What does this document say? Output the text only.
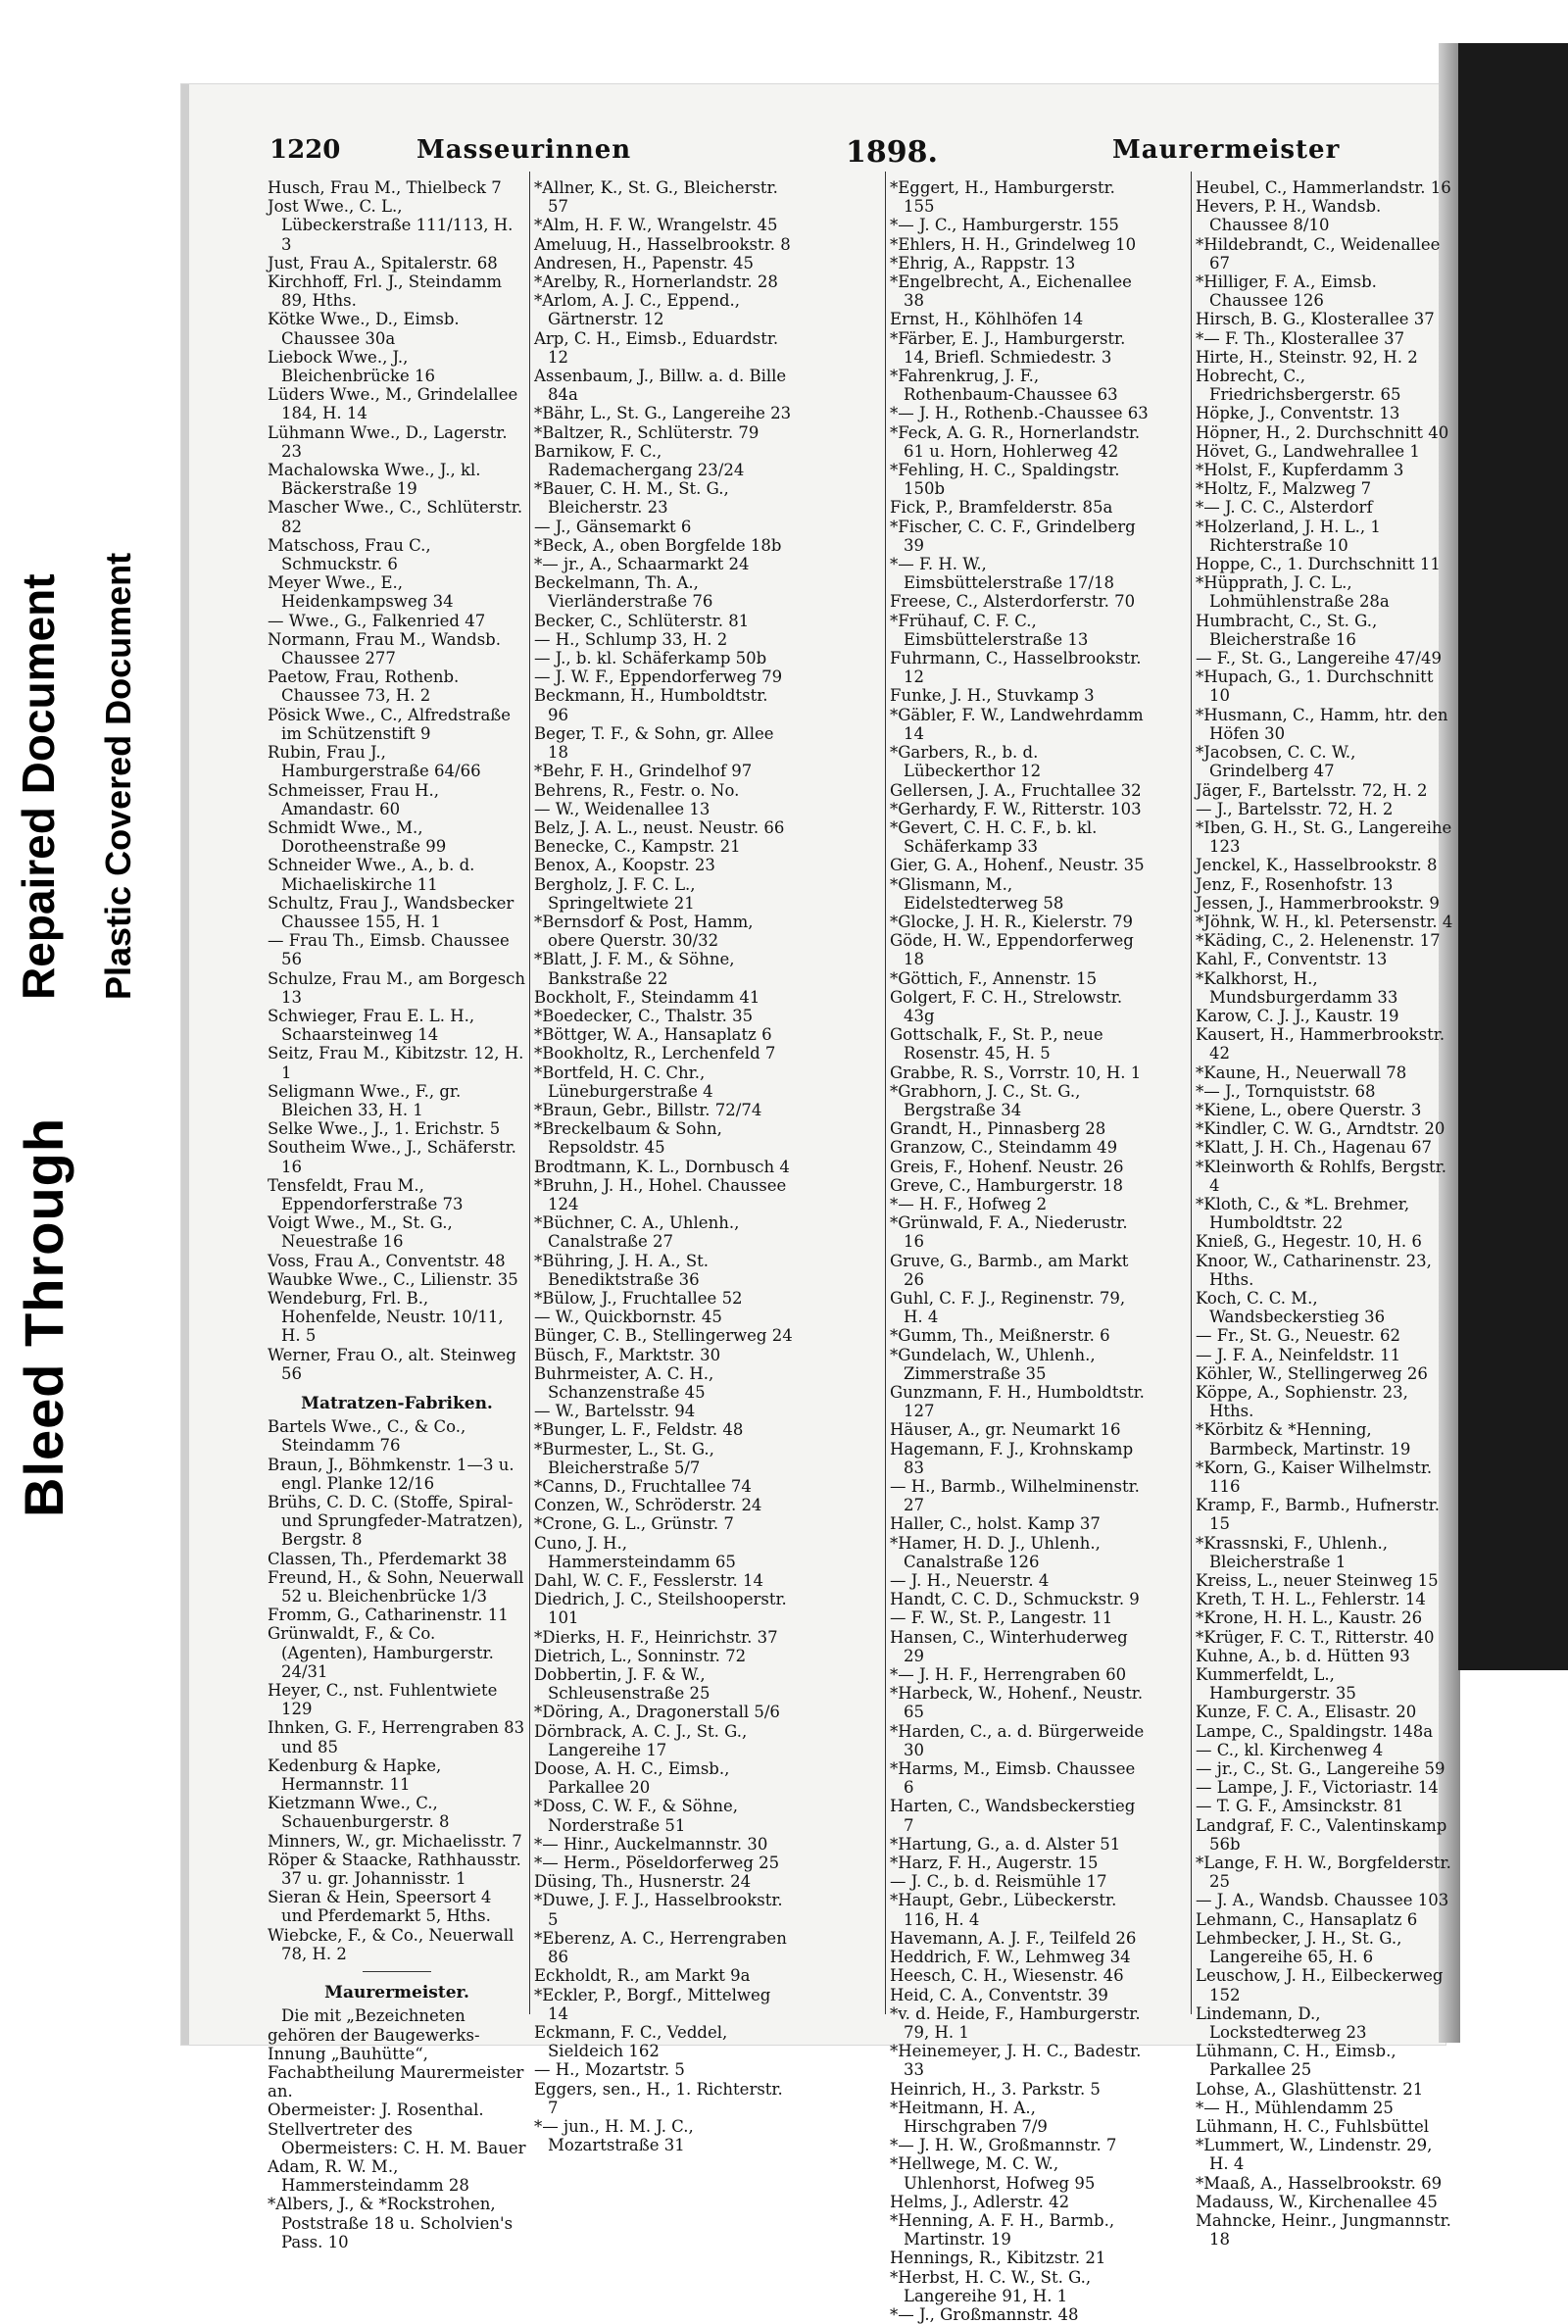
Bleed Through
Repaired Document Plastic Covered Document
1220	Masseurinnen	1898.	Maurermeister

Husch, Frau M., Thielbeck 7

Jost Wwe., C. L., Lübeckerstraße 111/113, H. 3

Just, Frau A., Spitalerstr. 68

Kirchhoff, Frl. J., Steindamm 89, Hths.

Kötke Wwe., D., Eimsb. Chaussee 30a

Liebock Wwe., J., Bleichenbrücke 16

Lüders Wwe., M., Grindelallee 184, H. 14

Lühmann Wwe., D., Lagerstr. 23

Machalowska Wwe., J., kl. Bäckerstraße 19

Mascher Wwe., C., Schlüterstr. 82

Matschoss, Frau C., Schmuckstr. 6

Meyer Wwe., E., Heidenkampsweg 34

— Wwe., G., Falkenried 47

Normann, Frau M., Wandsb. Chaussee 277

Paetow, Frau, Rothenb. Chaussee 73, H. 2

Pösick Wwe., C., Alfredstraße im Schützenstift 9

Rubin, Frau J., Hamburgerstraße 64/66

Schmeisser, Frau H., Amandastr. 60

Schmidt Wwe., M., Dorotheenstraße 99

Schneider Wwe., A., b. d. Michaeliskirche 11

Schultz, Frau J., Wandsbecker Chaussee 155, H. 1

— Frau Th., Eimsb. Chaussee 56

Schulze, Frau M., am Borgesch 13

Schwieger, Frau E. L. H., Schaarsteinweg 14

Seitz, Frau M., Kibitzstr. 12, H. 1

Seligmann Wwe., F., gr. Bleichen 33, H. 1

Selke Wwe., J., 1. Erichstr. 5

Southeim Wwe., J., Schäferstr. 16

Tensfeldt, Frau M., Eppendorferstraße 73

Voigt Wwe., M., St. G., Neuestraße 16

Voss, Frau A., Conventstr. 48

Waubke Wwe., C., Lilienstr. 35

Wendeburg, Frl. B., Hohenfelde, Neustr. 10/11, H. 5

Werner, Frau O., alt. Steinweg 56

Matratzen-Fabriken.

Bartels Wwe., C., & Co., Steindamm 76

Braun, J., Böhmkenstr. 1—3 u. engl. Planke 12/16

Brühs, C. D. C. (Stoffe, Spiral- und Sprungfeder-Matratzen), Bergstr. 8

Classen, Th., Pferdemarkt 38

Freund, H., & Sohn, Neuerwall 52 u. Bleichenbrücke 1/3

Fromm, G., Catharinenstr. 11

Grünwaldt, F., & Co. (Agenten), Hamburgerstr. 24/31

Heyer, C., nst. Fuhlentwiete 129

Ihnken, G. F., Herrengraben 83 und 85

Kedenburg & Hapke, Hermannstr. 11

Kietzmann Wwe., C., Schauenburgerstr. 8

Minners, W., gr. Michaelisstr. 7

Röper & Staacke, Rathhausstr. 37 u. gr. Johannisstr. 1

Sieran & Hein, Speersort 4 und Pferdemarkt 5, Hths.

Wiebcke, F., & Co., Neuerwall 78, H. 2

Maurermeister.

Die mit „Bezeichneten gehören der Baugewerks-Innung „Bauhütte“, Fachabtheilung Maurermeister an.

Obermeister: J. Rosenthal.

Stellvertreter des Obermeisters: C. H. M. Bauer

Adam, R. W. M., Hammersteindamm 28

*Albers, J., & *Rockstrohen, Poststraße 18 u. Scholvien's Pass. 10

*Allner, K., St. G., Bleicherstr. 57

*Alm, H. F. W., Wrangelstr. 45

Ameluug, H., Hasselbrookstr. 8

Andresen, H., Papenstr. 45

*Arelby, R., Hornerlandstr. 28

*Arlom, A. J. C., Eppend., Gärtnerstr. 12

Arp, C. H., Eimsb., Eduardstr. 12

Assenbaum, J., Billw. a. d. Bille 84a

*Bähr, L., St. G., Langereihe 23

*Baltzer, R., Schlüterstr. 79

Barnikow, F. C., Rademachergang 23/24

*Bauer, C. H. M., St. G., Bleicherstr. 23

— J., Gänsemarkt 6

*Beck, A., oben Borgfelde 18b

*— jr., A., Schaarmarkt 24

Beckelmann, Th. A., Vierländerstraße 76

Becker, C., Schlüterstr. 81

— H., Schlump 33, H. 2

— J., b. kl. Schäferkamp 50b

— J. W. F., Eppendorferweg 79

Beckmann, H., Humboldtstr. 96

Beger, T. F., & Sohn, gr. Allee 18

*Behr, F. H., Grindelhof 97

Behrens, R., Festr. o. No.

— W., Weidenallee 13

Belz, J. A. L., neust. Neustr. 66

Benecke, C., Kampstr. 21

Benox, A., Koopstr. 23

Bergholz, J. F. C. L., Springeltwiete 21

*Bernsdorf & Post, Hamm, obere Querstr. 30/32

*Blatt, J. F. M., & Söhne, Bankstraße 22

Bockholt, F., Steindamm 41

*Boedecker, C., Thalstr. 35

*Böttger, W. A., Hansaplatz 6

*Bookholtz, R., Lerchenfeld 7

*Bortfeld, H. C. Chr., Lüneburgerstraße 4

*Braun, Gebr., Billstr. 72/74

*Breckelbaum & Sohn, Repsoldstr. 45

Brodtmann, K. L., Dornbusch 4

*Bruhn, J. H., Hohel. Chaussee 124

*Büchner, C. A., Uhlenh., Canalstraße 27

*Bühring, J. H. A., St. Benediktstraße 36

*Bülow, J., Fruchtallee 52

— W., Quickbornstr. 45

Bünger, C. B., Stellingerweg 24

Büsch, F., Marktstr. 30

Buhrmeister, A. C. H., Schanzenstraße 45

— W., Bartelsstr. 94

*Bunger, L. F., Feldstr. 48

*Burmester, L., St. G., Bleicherstraße 5/7

*Canns, D., Fruchtallee 74

Conzen, W., Schröderstr. 24

*Crone, G. L., Grünstr. 7

Cuno, J. H., Hammersteindamm 65

Dahl, W. C. F., Fesslerstr. 14

Diedrich, J. C., Steilshooperstr. 101

*Dierks, H. F., Heinrichstr. 37

Dietrich, L., Sonninstr. 72

Dobbertin, J. F. & W., Schleusenstraße 25

*Döring, A., Dragonerstall 5/6

Dörnbrack, A. C. J., St. G., Langereihe 17

Doose, A. H. C., Eimsb., Parkallee 20

*Doss, C. W. F., & Söhne, Norderstraße 51

*— Hinr., Auckelmannstr. 30

*— Herm., Pöseldorferweg 25

Düsing, Th., Husnerstr. 24

*Duwe, J. F. J., Hasselbrookstr. 5

*Eberenz, A. C., Herrengraben 86

Eckholdt, R., am Markt 9a

*Eckler, P., Borgf., Mittelweg 14

Eckmann, F. C., Veddel, Sieldeich 162

— H., Mozartstr. 5

Eggers, sen., H., 1. Richterstr. 7

*— jun., H. M. J. C., Mozartstraße 31

*Eggert, H., Hamburgerstr. 155

*— J. C., Hamburgerstr. 155

*Ehlers, H. H., Grindelweg 10

*Ehrig, A., Rappstr. 13

*Engelbrecht, A., Eichenallee 38

Ernst, H., Köhlhöfen 14

*Färber, E. J., Hamburgerstr. 14, Briefl. Schmiedestr. 3

*Fahrenkrug, J. F., Rothenbaum-Chaussee 63

*— J. H., Rothenb.-Chaussee 63

*Feck, A. G. R., Hornerlandstr. 61 u. Horn, Hohlerweg 42

*Fehling, H. C., Spaldingstr. 150b

Fick, P., Bramfelderstr. 85a

*Fischer, C. C. F., Grindelberg 39

*— F. H. W., Eimsbüttelerstraße 17/18

Freese, C., Alsterdorferstr. 70

*Frühauf, C. F. C., Eimsbüttelerstraße 13

Fuhrmann, C., Hasselbrookstr. 12

Funke, J. H., Stuvkamp 3

*Gäbler, F. W., Landwehrdamm 14

*Garbers, R., b. d. Lübeckerthor 12

Gellersen, J. A., Fruchtallee 32

*Gerhardy, F. W., Ritterstr. 103

*Gevert, C. H. C. F., b. kl. Schäferkamp 33

Gier, G. A., Hohenf., Neustr. 35

*Glismann, M., Eidelstedterweg 58

*Glocke, J. H. R., Kielerstr. 79

Göde, H. W., Eppendorferweg 18

*Göttich, F., Annenstr. 15

Golgert, F. C. H., Strelowstr. 43g

Gottschalk, F., St. P., neue Rosenstr. 45, H. 5

Grabbe, R. S., Vorrstr. 10, H. 1

*Grabhorn, J. C., St. G., Bergstraße 34

Grandt, H., Pinnasberg 28

Granzow, C., Steindamm 49

Greis, F., Hohenf. Neustr. 26

Greve, C., Hamburgerstr. 18

*— H. F., Hofweg 2

*Grünwald, F. A., Niederustr. 16

Gruve, G., Barmb., am Markt 26

Guhl, C. F. J., Reginenstr. 79, H. 4

*Gumm, Th., Meißnerstr. 6

*Gundelach, W., Uhlenh., Zimmerstraße 35

Gunzmann, F. H., Humboldtstr. 127

Häuser, A., gr. Neumarkt 16

Hagemann, F. J., Krohnskamp 83

— H., Barmb., Wilhelminenstr. 27

Haller, C., holst. Kamp 37

*Hamer, H. D. J., Uhlenh., Canalstraße 126

— J. H., Neuerstr. 4

Handt, C. C. D., Schmuckstr. 9

— F. W., St. P., Langestr. 11

Hansen, C., Winterhuderweg 29

*— J. H. F., Herrengraben 60

*Harbeck, W., Hohenf., Neustr. 65

*Harden, C., a. d. Bürgerweide 30

*Harms, M., Eimsb. Chaussee 6

Harten, C., Wandsbeckerstieg 7

*Hartung, G., a. d. Alster 51

*Harz, F. H., Augerstr. 15

— J. C., b. d. Reismühle 17

*Haupt, Gebr., Lübeckerstr. 116, H. 4

Havemann, A. J. F., Teilfeld 26

Heddrich, F. W., Lehmweg 34

Heesch, C. H., Wiesenstr. 46

Heid, C. A., Conventstr. 39

*v. d. Heide, F., Hamburgerstr. 79, H. 1

*Heinemeyer, J. H. C., Badestr. 33

Heinrich, H., 3. Parkstr. 5

*Heitmann, H. A., Hirschgraben 7/9

*— J. H. W., Großmannstr. 7

*Hellwege, M. C. W., Uhlenhorst, Hofweg 95

Helms, J., Adlerstr. 42

*Henning, A. F. H., Barmb., Martinstr. 19

Hennings, R., Kibitzstr. 21

*Herbst, H. C. W., St. G., Langereihe 91, H. 1

*— J., Großmannstr. 48

Heubel, C., Hammerlandstr. 16

Hevers, P. H., Wandsb. Chaussee 8/10

*Hildebrandt, C., Weidenallee 67

*Hilliger, F. A., Eimsb. Chaussee 126

Hirsch, B. G., Klosterallee 37

*— F. Th., Klosterallee 37

Hirte, H., Steinstr. 92, H. 2

Hobrecht, C., Friedrichsbergerstr. 65

Höpke, J., Conventstr. 13

Höpner, H., 2. Durchschnitt 40

Hövet, G., Landwehrallee 1

*Holst, F., Kupferdamm 3

*Holtz, F., Malzweg 7

*— J. C. C., Alsterdorf

*Holzerland, J. H. L., 1 Richterstraße 10

Hoppe, C., 1. Durchschnitt 11

*Hüpprath, J. C. L., Lohmühlenstraße 28a

Humbracht, C., St. G., Bleicherstraße 16

— F., St. G., Langereihe 47/49

*Hupach, G., 1. Durchschnitt 10

*Husmann, C., Hamm, htr. den Höfen 30

*Jacobsen, C. C. W., Grindelberg 47

Jäger, F., Bartelsstr. 72, H. 2

— J., Bartelsstr. 72, H. 2

*Iben, G. H., St. G., Langereihe 123

Jenckel, K., Hasselbrookstr. 8

Jenz, F., Rosenhofstr. 13

Jessen, J., Hammerbrookstr. 9

*Jöhnk, W. H., kl. Petersenstr. 4

*Käding, C., 2. Helenenstr. 17

Kahl, F., Conventstr. 13

*Kalkhorst, H., Mundsburgerdamm 33

Karow, C. J. J., Kaustr. 19

Kausert, H., Hammerbrookstr. 42

*Kaune, H., Neuerwall 78

*— J., Tornquiststr. 68

*Kiene, L., obere Querstr. 3

*Kindler, C. W. G., Arndtstr. 20

*Klatt, J. H. Ch., Hagenau 67

*Kleinworth & Rohlfs, Bergstr. 4

*Kloth, C., & *L. Brehmer, Humboldtstr. 22

Knieß, G., Hegestr. 10, H. 6

Knoor, W., Catharinenstr. 23, Hths.

Koch, C. C. M., Wandsbeckerstieg 36

— Fr., St. G., Neuestr. 62

— J. F. A., Neinfeldstr. 11

Köhler, W., Stellingerweg 26

Köppe, A., Sophienstr. 23, Hths.

*Körbitz & *Henning, Barmbeck, Martinstr. 19

*Korn, G., Kaiser Wilhelmstr. 116

Kramp, F., Barmb., Hufnerstr. 15

*Krassnski, F., Uhlenh., Bleicherstraße 1

Kreiss, L., neuer Steinweg 15

Kreth, T. H. L., Fehlerstr. 14

*Krone, H. H. L., Kaustr. 26

*Krüger, F. C. T., Ritterstr. 40

Kuhne, A., b. d. Hütten 93

Kummerfeldt, L., Hamburgerstr. 35

Kunze, F. C. A., Elisastr. 20

Lampe, C., Spaldingstr. 148a

— C., kl. Kirchenweg 4

— jr., C., St. G., Langereihe 59

— Lampe, J. F., Victoriastr. 14

— T. G. F., Amsinckstr. 81

Landgraf, F. C., Valentinskamp 56b

*Lange, F. H. W., Borgfelderstr. 25

— J. A., Wandsb. Chaussee 103

Lehmann, C., Hansaplatz 6

Lehmbecker, J. H., St. G., Langereihe 65, H. 6

Leuschow, J. H., Eilbeckerweg 152

Lindemann, D., Lockstedterweg 23

Lühmann, C. H., Eimsb., Parkallee 25

Lohse, A., Glashüttenstr. 21

*— H., Mühlendamm 25

Lühmann, H. C., Fuhlsbüttel

*Lummert, W., Lindenstr. 29, H. 4

*Maaß, A., Hasselbrookstr. 69

Madauss, W., Kirchenallee 45

Mahncke, Heinr., Jungmannstr. 18
